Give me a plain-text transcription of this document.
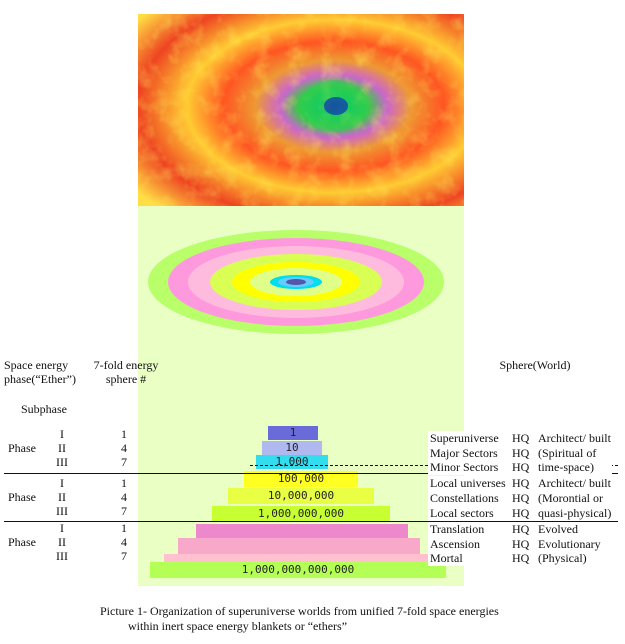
Space energy phase(“Ether”)
7-fold energy sphere #
Subphase
Sphere(World)
Phase
I	1
II	4
III	7
Phase
I	1
II	4
III	7
Phase
I	1
II	4
III	7
1
10
1,000
100,000
10,000,000
1,000,000,000
1,000,000,000,000
Superuniverse HQ Architect/ built
Major Sectors HQ (Spiritual of
Minor Sectors HQ time-space)
Local universes HQ Architect/ built
Constellations HQ (Morontial or
Local sectors HQ quasi-physical)
Translation HQ Evolved
Ascension	HQ Evolutionary
Mortal	HQ (Physical)
Picture 1- Organization of superuniverse worlds from unified 7-fold space energies
within inert space energy blankets or “ethers”
